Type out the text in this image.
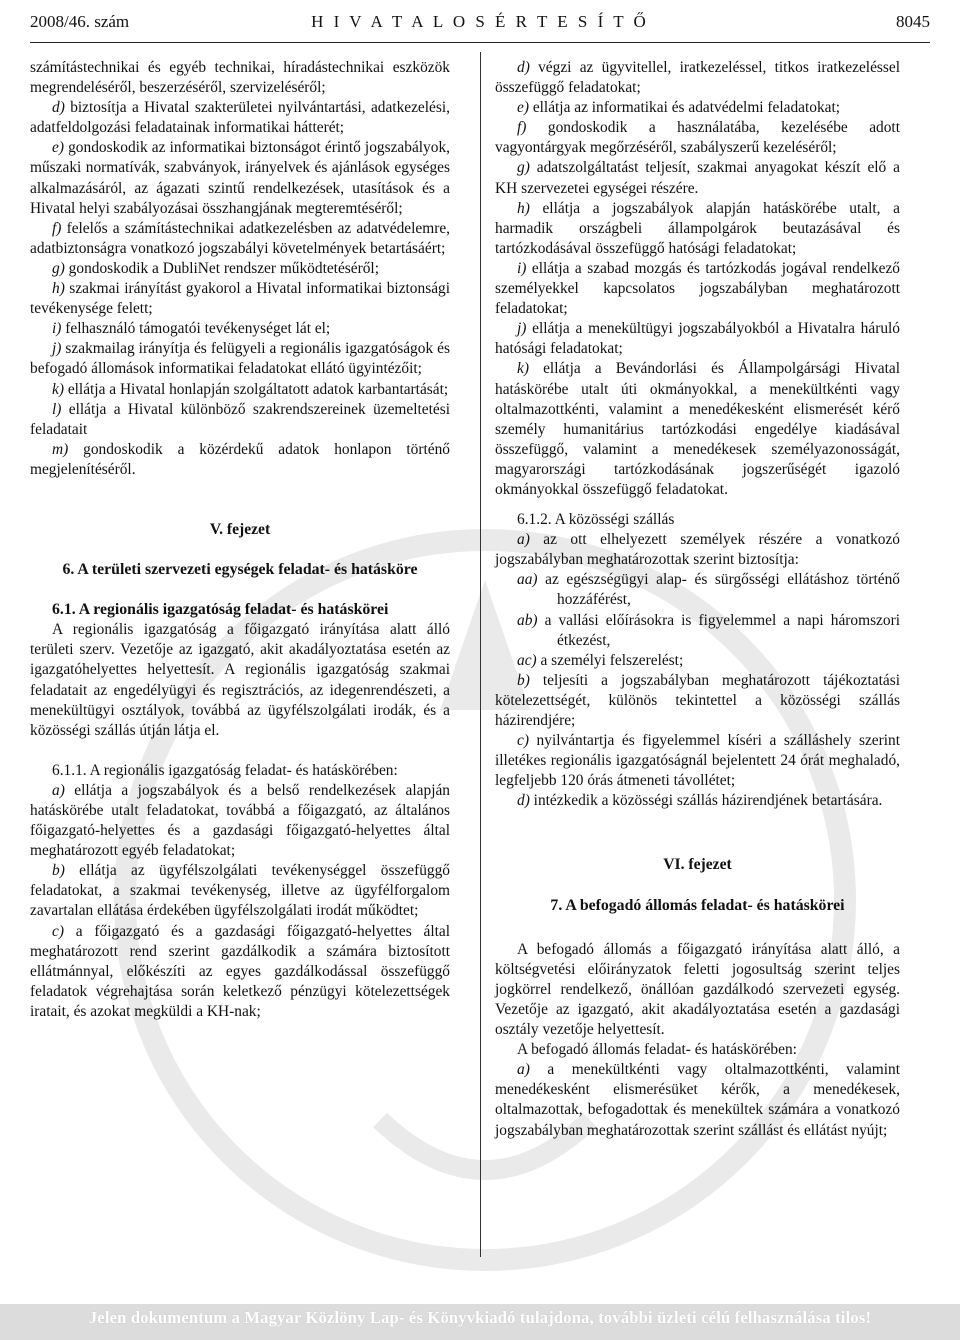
2008/46. szám	H I V A T A L O S É R T E S Í T Ő	8045

számítástechnikai és egyéb technikai, híradástechnikai eszközök megrendeléséről, beszerzéséről, szervizeléséről;

d) biztosítja a Hivatal szakterületei nyilvántartási, adatkezelési, adatfeldolgozási feladatainak informatikai hátterét;

e) gondoskodik az informatikai biztonságot érintő jogszabályok, műszaki normatívák, szabványok, irányelvek és ajánlások egységes alkalmazásáról, az ágazati szintű rendelkezések, utasítások és a Hivatal helyi szabályozásai összhangjának megteremtéséről;

f) felelős a számítástechnikai adatkezelésben az adatvédelemre, adatbiztonságra vonatkozó jogszabályi követelmények betartásáért;

g) gondoskodik a DubliNet rendszer működtetéséről;

h) szakmai irányítást gyakorol a Hivatal informatikai biztonsági tevékenysége felett;

i) felhasználó támogatói tevékenységet lát el;

j) szakmailag irányítja és felügyeli a regionális igazgatóságok és befogadó állomások informatikai feladatokat ellátó ügyintézőit;

k) ellátja a Hivatal honlapján szolgáltatott adatok karbantartását;

l) ellátja a Hivatal különböző szakrendszereinek üzemeltetési feladatait

m) gondoskodik a közérdekű adatok honlapon történő megjelenítéséről.

V. fejezet

6. A területi szervezeti egységek feladat- és hatásköre

6.1. A regionális igazgatóság feladat- és hatáskörei

A regionális igazgatóság a főigazgató irányítása alatt álló területi szerv. Vezetője az igazgató, akit akadályoztatása esetén az igazgatóhelyettes helyettesít. A regionális igazgatóság szakmai feladatait az engedélyügyi és regisztrációs, az idegenrendészeti, a menekültügyi osztályok, továbbá az ügyfélszolgálati irodák, és a közösségi szállás útján látja el.

6.1.1. A regionális igazgatóság feladat- és hatáskörében:

a) ellátja a jogszabályok és a belső rendelkezések alapján hatáskörébe utalt feladatokat, továbbá a főigazgató, az általános főigazgató-helyettes és a gazdasági főigazgató-helyettes által meghatározott egyéb feladatokat;

b) ellátja az ügyfélszolgálati tevékenységgel összefüggő feladatokat, a szakmai tevékenység, illetve az ügyfélforgalom zavartalan ellátása érdekében ügyfélszolgálati irodát működtet;

c) a főigazgató és a gazdasági főigazgató-helyettes által meghatározott rend szerint gazdálkodik a számára biztosított ellátmánnyal, előkészíti az egyes gazdálkodással összefüggő feladatok végrehajtása során keletkező pénzügyi kötelezettségek iratait, és azokat megküldi a KH-nak;

d) végzi az ügyvitellel, iratkezeléssel, titkos iratkezeléssel összefüggő feladatokat;

e) ellátja az informatikai és adatvédelmi feladatokat;

f) gondoskodik a használatába, kezelésébe adott vagyontárgyak megőrzéséről, szabályszerű kezeléséről;

g) adatszolgáltatást teljesít, szakmai anyagokat készít elő a KH szervezetei egységei részére.

h) ellátja a jogszabályok alapján hatáskörébe utalt, a harmadik országbeli állampolgárok beutazásával és tartózkodásával összefüggő hatósági feladatokat;

i) ellátja a szabad mozgás és tartózkodás jogával rendelkező személyekkel kapcsolatos jogszabályban meghatározott feladatokat;

j) ellátja a menekültügyi jogszabályokból a Hivatalra háruló hatósági feladatokat;

k) ellátja a Bevándorlási és Állampolgársági Hivatal hatáskörébe utalt úti okmányokkal, a menekültkénti vagy oltalmazottkénti, valamint a menedékesként elismerését kérő személy humanitárius tartózkodási engedélye kiadásával összefüggő, valamint a menedékesek személyazonosságát, magyarországi tartózkodásának jogszerűségét igazoló okmányokkal összefüggő feladatokat.

6.1.2. A közösségi szállás

a) az ott elhelyezett személyek részére a vonatkozó jogszabályban meghatározottak szerint biztosítja:

aa) az egészségügyi alap- és sürgősségi ellátáshoz történő hozzáférést,

ab) a vallási előírásokra is figyelemmel a napi háromszori étkezést,

ac) a személyi felszerelést;

b) teljesíti a jogszabályban meghatározott tájékoztatási kötelezettségét, különös tekintettel a közösségi szállás házirendjére;

c) nyilvántartja és figyelemmel kíséri a szálláshely szerint illetékes regionális igazgatóságnál bejelentett 24 órát meghaladó, legfeljebb 120 órás átmeneti távollétet;

d) intézkedik a közösségi szállás házirendjének betartására.

VI. fejezet

7. A befogadó állomás feladat- és hatáskörei

A befogadó állomás a főigazgató irányítása alatt álló, a költségvetési előirányzatok feletti jogosultság szerint teljes jogkörrel rendelkező, önállóan gazdálkodó szervezeti egység. Vezetője az igazgató, akit akadályoztatása esetén a gazdasági osztály vezetője helyettesít.

A befogadó állomás feladat- és hatáskörében:

a) a menekültkénti vagy oltalmazottkénti, valamint menedékesként elismerésüket kérők, a menedékesek, oltalmazottak, befogadottak és menekültek számára a vonatkozó jogszabályban meghatározottak szerint szállást és ellátást nyújt;

Jelen dokumentum a Magyar Közlöny Lap- és Könyvkiadó tulajdona, további üzleti célú felhasználása tilos!
